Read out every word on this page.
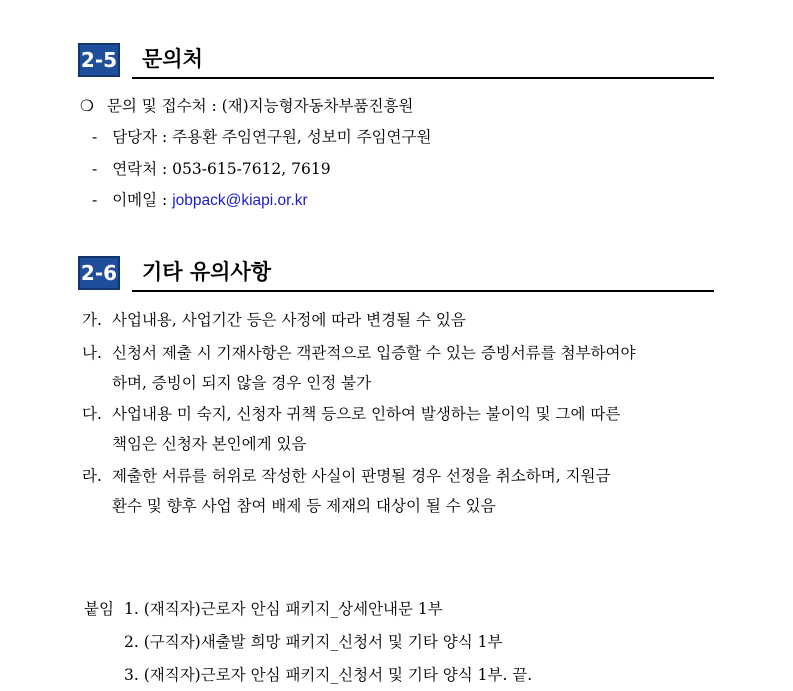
2-5 문의처
❍ 문의 및 접수처 : (재)지능형자동차부품진흥원
- 담당자 : 주용환 주임연구원, 성보미 주임연구원
- 연락처 : 053-615-7612, 7619
- 이메일 : jobpack@kiapi.or.kr
2-6 기타 유의사항
가. 사업내용, 사업기간 등은 사정에 따라 변경될 수 있음
나. 신청서 제출 시 기재사항은 객관적으로 입증할 수 있는 증빙서류를 첨부하여야
하며, 증빙이 되지 않을 경우 인정 불가
다. 사업내용 미 숙지, 신청자 귀책 등으로 인하여 발생하는 불이익 및 그에 따른
책임은 신청자 본인에게 있음
라. 제출한 서류를 허위로 작성한 사실이 판명될 경우 선정을 취소하며, 지원금
환수 및 향후 사업 참여 배제 등 제재의 대상이 될 수 있음
붙임 1. (재직자)근로자 안심 패키지_상세안내문 1부
2. (구직자)새출발 희망 패키지_신청서 및 기타 양식 1부
3. (재직자)근로자 안심 패키지_신청서 및 기타 양식 1부. 끝.
